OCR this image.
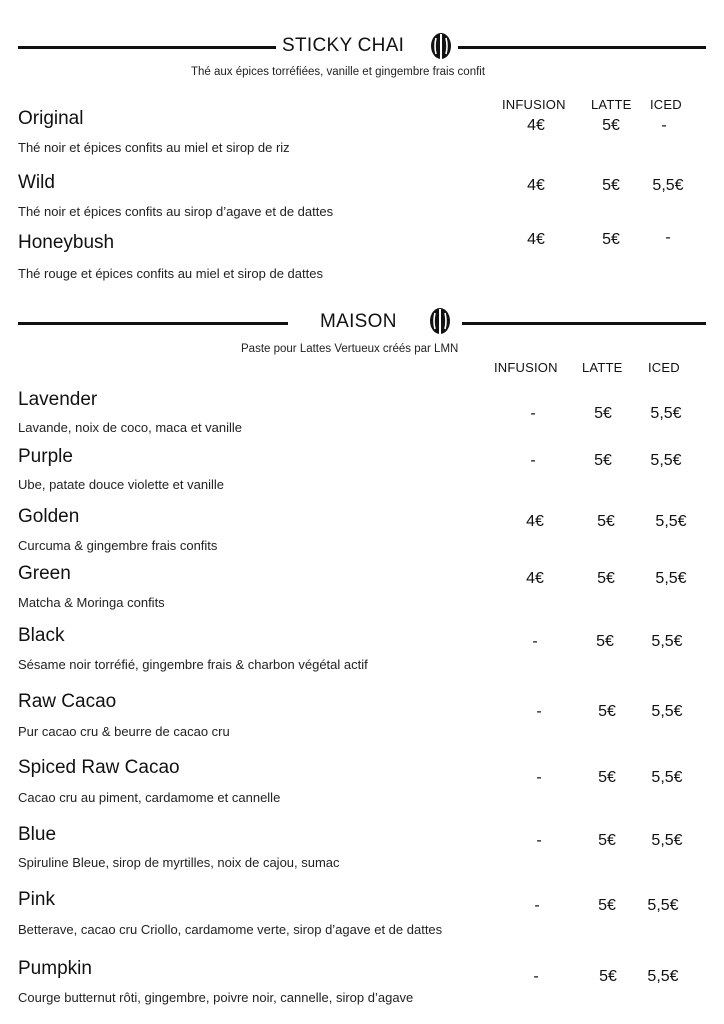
STICKY CHAI
Thé aux épices torréfiées, vanille et gingembre frais confit
INFUSION LATTE ICED
Original
Thé noir et épices confits au miel et sirop de riz
4€	5€	-
Wild
Thé noir et épices confits au sirop d’agave et de dattes
4€	5€	5,5€
Honeybush
Thé rouge et épices confits au miel et sirop de dattes
4€	5€	-
MAISON
Paste pour Lattes Vertueux créés par LMN
INFUSION LATTE ICED
Lavender
Lavande, noix de coco, maca et vanille
-	5€	5,5€
Purple
Ube, patate douce violette et vanille
-	5€	5,5€
Golden
Curcuma & gingembre frais confits
4€	5€	5,5€
Green
Matcha & Moringa confits
4€	5€	5,5€
Black
Sésame noir torréfié, gingembre frais & charbon végétal actif
-	5€	5,5€
Raw Cacao
Pur cacao cru & beurre de cacao cru
-	5€	5,5€
Spiced Raw Cacao
Cacao cru au piment, cardamome et cannelle
-	5€	5,5€
Blue
Spiruline Bleue, sirop de myrtilles, noix de cajou, sumac
-	5€	5,5€
Pink
Betterave, cacao cru Criollo, cardamome verte, sirop d’agave et de dattes
-	5€	5,5€
Pumpkin
Courge butternut rôti, gingembre, poivre noir, cannelle, sirop d’agave
-	5€	5,5€
